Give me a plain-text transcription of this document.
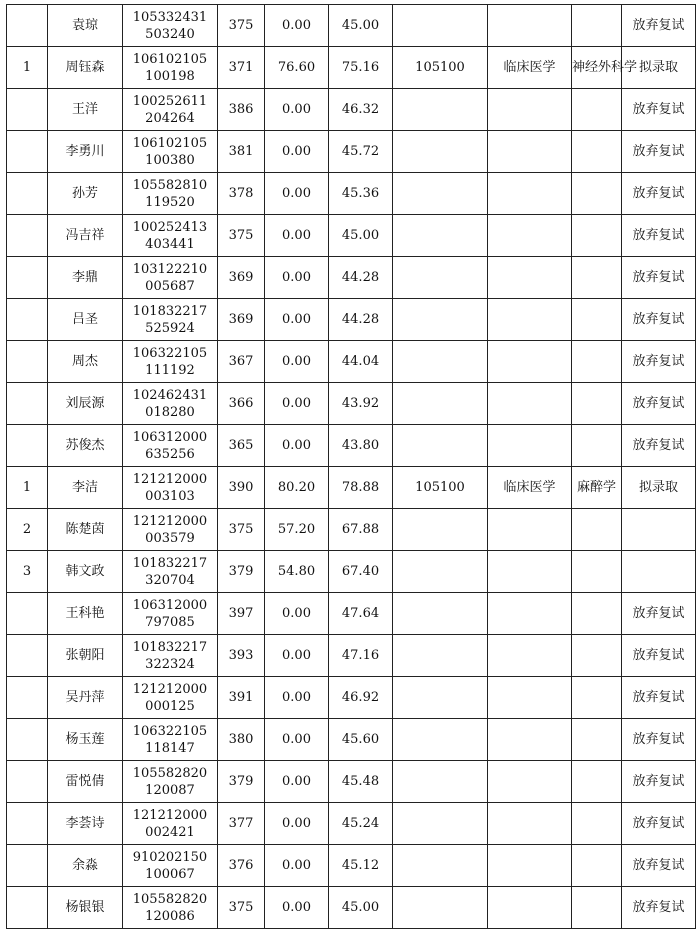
	袁琼	105332431
503240	375	0.00	45.00				放弃复试
1	周钰森	106102105
100198	371	76.60	75.16	105100	临床医学	神经外科学	拟录取
	王洋	100252611
204264	386	0.00	46.32				放弃复试
	李勇川	106102105
100380	381	0.00	45.72				放弃复试
	孙芳	105582810
119520	378	0.00	45.36				放弃复试
	冯吉祥	100252413
403441	375	0.00	45.00				放弃复试
	李鼎	103122210
005687	369	0.00	44.28				放弃复试
	吕圣	101832217
525924	369	0.00	44.28				放弃复试
	周杰	106322105
111192	367	0.00	44.04				放弃复试
	刘辰源	102462431
018280	366	0.00	43.92				放弃复试
	苏俊杰	106312000
635256	365	0.00	43.80				放弃复试
1	李洁	121212000
003103	390	80.20	78.88	105100	临床医学	麻醉学	拟录取
2	陈楚茵	121212000
003579	375	57.20	67.88				
3	韩文政	101832217
320704	379	54.80	67.40				
	王科艳	106312000
797085	397	0.00	47.64				放弃复试
	张朝阳	101832217
322324	393	0.00	47.16				放弃复试
	吴丹萍	121212000
000125	391	0.00	46.92				放弃复试
	杨玉莲	106322105
118147	380	0.00	45.60				放弃复试
	雷悦倩	105582820
120087	379	0.00	45.48				放弃复试
	李荟诗	121212000
002421	377	0.00	45.24				放弃复试
	余淼	910202150
100067	376	0.00	45.12				放弃复试
	杨银银	105582820
120086	375	0.00	45.00				放弃复试
